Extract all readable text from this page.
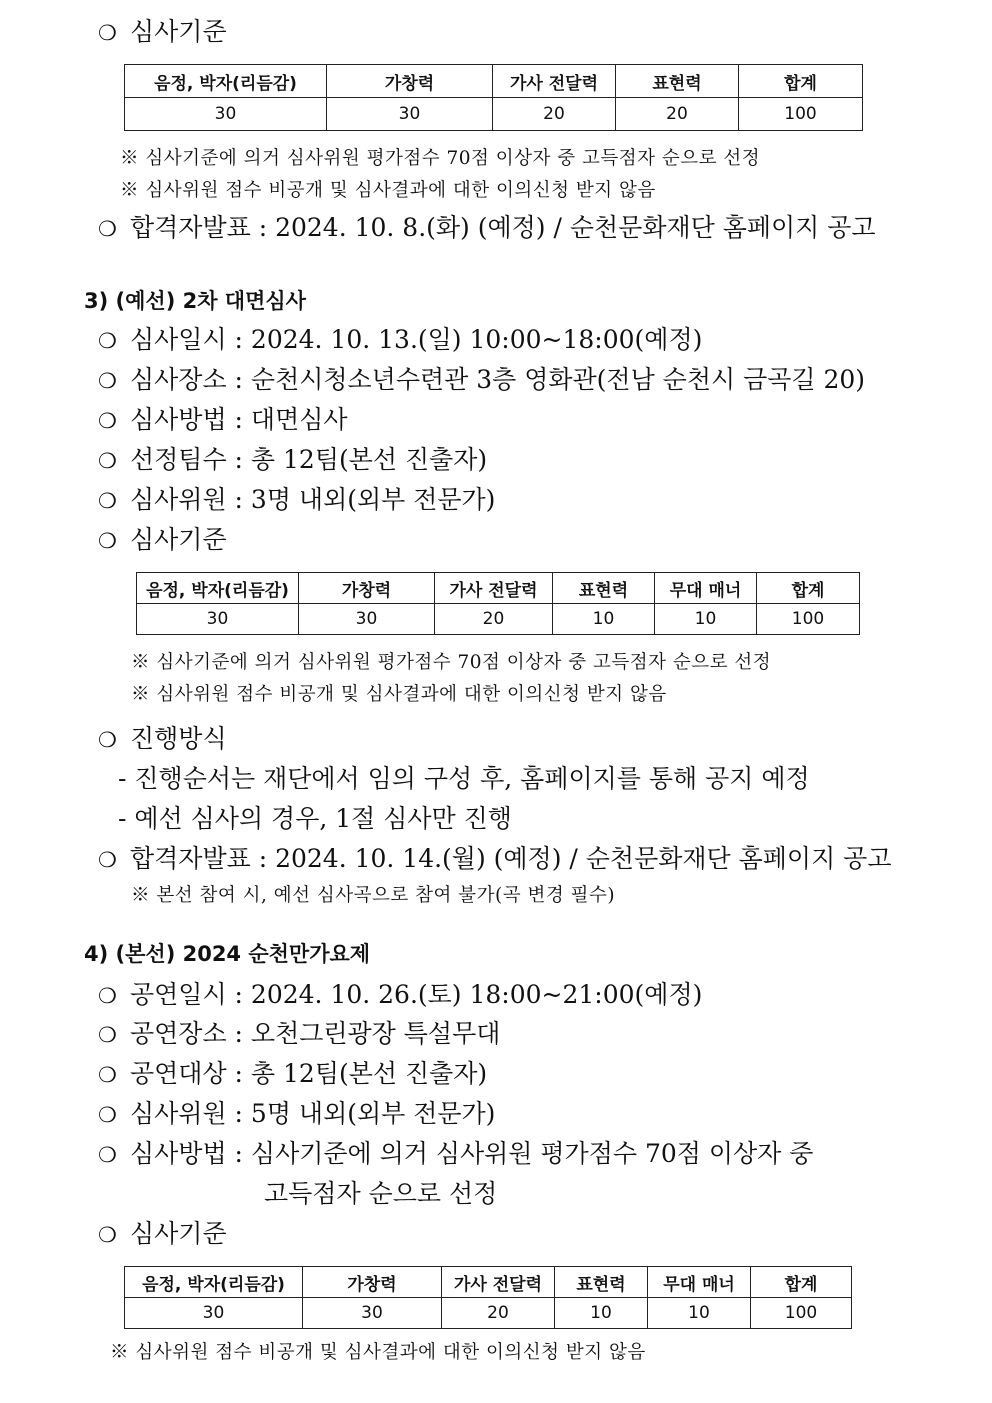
❍ 심사기준
음정, 박자(리듬감)	가창력	가사 전달력	표현력	합계
30	30	20	20	100
※ 심사기준에 의거 심사위원 평가점수 70점 이상자 중 고득점자 순으로 선정
※ 심사위원 점수 비공개 및 심사결과에 대한 이의신청 받지 않음
❍ 합격자발표 : 2024. 10. 8.(화) (예정) / 순천문화재단 홈페이지 공고
3) (예선) 2차 대면심사
❍ 심사일시 : 2024. 10. 13.(일) 10:00~18:00(예정)
❍ 심사장소 : 순천시청소년수련관 3층 영화관(전남 순천시 금곡길 20)
❍ 심사방법 : 대면심사
❍ 선정팀수 : 총 12팀(본선 진출자)
❍ 심사위원 : 3명 내외(외부 전문가)
❍ 심사기준
음정, 박자(리듬감)	가창력	가사 전달력	표현력	무대 매너	합계
30	30	20	10	10	100
※ 심사기준에 의거 심사위원 평가점수 70점 이상자 중 고득점자 순으로 선정
※ 심사위원 점수 비공개 및 심사결과에 대한 이의신청 받지 않음
❍ 진행방식
- 진행순서는 재단에서 임의 구성 후, 홈페이지를 통해 공지 예정
- 예선 심사의 경우, 1절 심사만 진행
❍ 합격자발표 : 2024. 10. 14.(월) (예정) / 순천문화재단 홈페이지 공고
※ 본선 참여 시, 예선 심사곡으로 참여 불가(곡 변경 필수)
4) (본선) 2024 순천만가요제
❍ 공연일시 : 2024. 10. 26.(토) 18:00~21:00(예정)
❍ 공연장소 : 오천그린광장 특설무대
❍ 공연대상 : 총 12팀(본선 진출자)
❍ 심사위원 : 5명 내외(외부 전문가)
❍ 심사방법 : 심사기준에 의거 심사위원 평가점수 70점 이상자 중
고득점자 순으로 선정
❍ 심사기준
음정, 박자(리듬감)	가창력	가사 전달력	표현력	무대 매너	합계
30	30	20	10	10	100
※ 심사위원 점수 비공개 및 심사결과에 대한 이의신청 받지 않음
